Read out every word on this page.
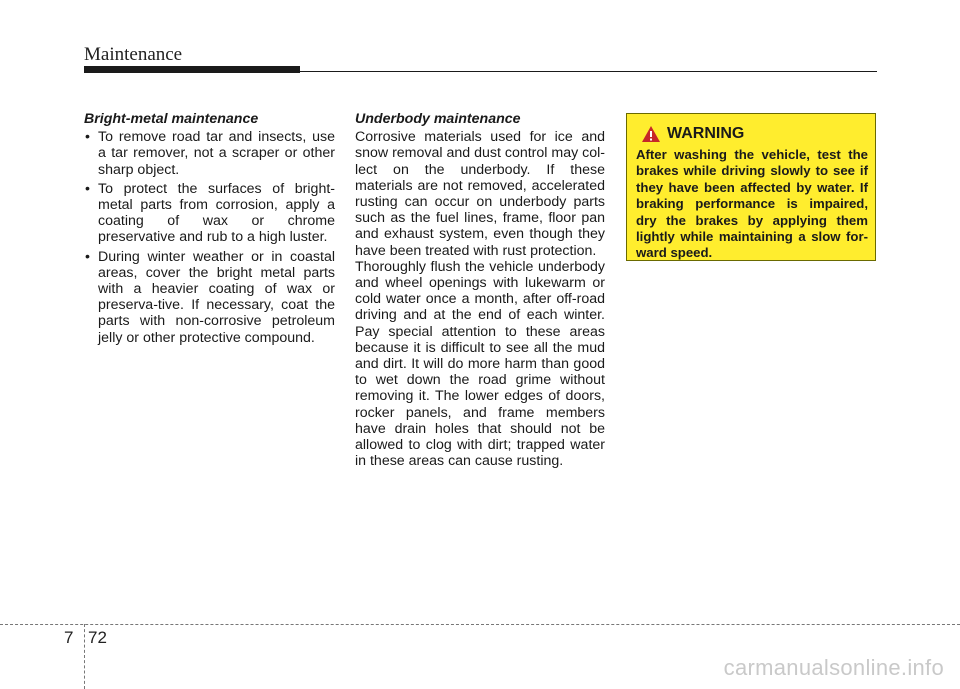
Maintenance
Bright-metal maintenance
• To remove road tar and insects, use a tar remover, not a scraper or other sharp object.
• To protect the surfaces of bright-metal parts from corrosion, apply a coating of wax or chrome preservative and rub to a high luster.
• During winter weather or in coastal areas, cover the bright metal parts with a heavier coating of wax or preserva-tive. If necessary, coat the parts with non-corrosive petroleum jelly or other protective compound.
Underbody maintenance

Corrosive materials used for ice and snow removal and dust control may col-lect on the underbody. If these materials are not removed, accelerated rusting can occur on underbody parts such as the fuel lines, frame, floor pan and exhaust system, even though they have been treated with rust protection.

Thoroughly flush the vehicle underbody and wheel openings with lukewarm or cold water once a month, after off-road driving and at the end of each winter. Pay special attention to these areas because it is difficult to see all the mud and dirt. It will do more harm than good to wet down the road grime without removing it. The lower edges of doors, rocker panels, and frame members have drain holes that should not be allowed to clog with dirt; trapped water in these areas can cause rusting.

WARNING

After washing the vehicle, test the brakes while driving slowly to see if they have been affected by water. If braking performance is impaired, dry the brakes by applying them lightly while maintaining a slow for-ward speed.

7 72
carmanualsonline.info
